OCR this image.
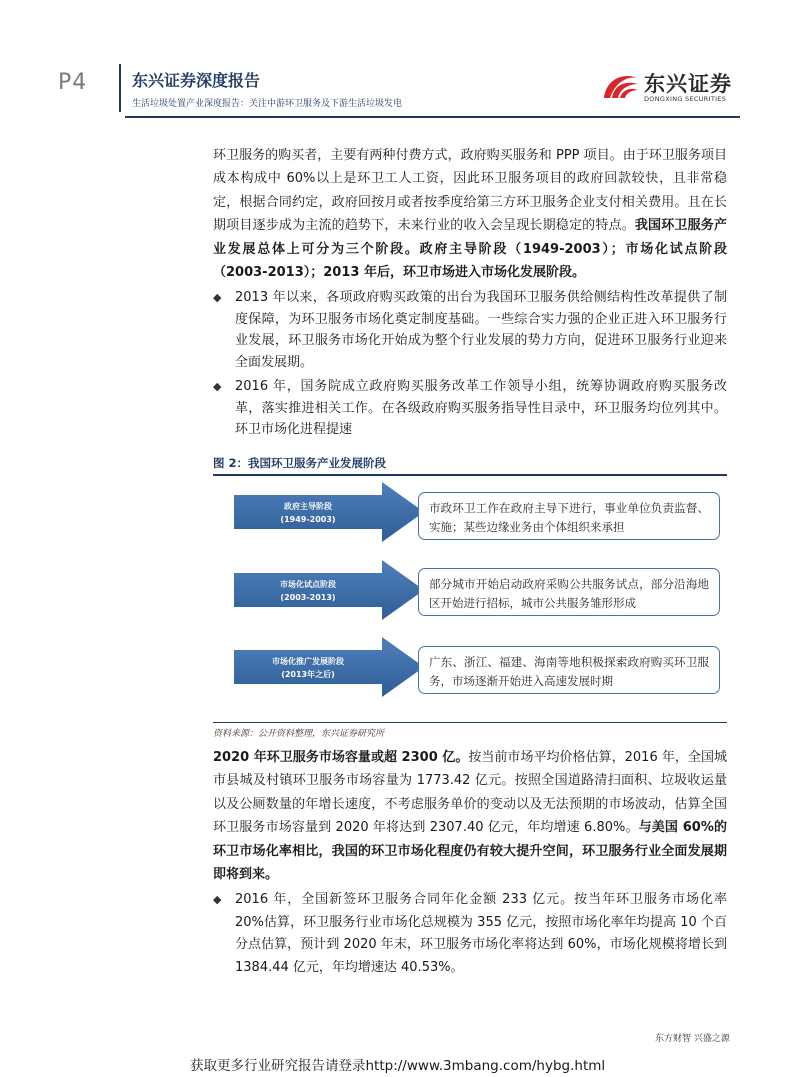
P4	东兴证券深度报告
生活垃圾处置产业深度报告：关注中游环卫服务及下游生活垃圾发电
东兴证券
DONGXING SECURITIES
环卫服务的购买者，主要有两种付费方式，政府购买服务和 PPP 项目。由于环卫服务项目成本构成中 60%以上是环卫工人工资，因此环卫服务项目的政府回款较快，且非常稳定，根据合同约定，政府回按月或者按季度给第三方环卫服务企业支付相关费用。且在长期项目逐步成为主流的趋势下，未来行业的收入会呈现长期稳定的特点。我国环卫服务产业发展总体上可分为三个阶段。政府主导阶段（1949-2003）；市场化试点阶段（2003-2013）；2013 年后，环卫市场进入市场化发展阶段。
◆ 2013 年以来，各项政府购买政策的出台为我国环卫服务供给侧结构性改革提供了制度保障，为环卫服务市场化奠定制度基础。一些综合实力强的企业正进入环卫服务行业发展，环卫服务市场化开始成为整个行业发展的势力方向，促进环卫服务行业迎来全面发展期。
◆ 2016 年，国务院成立政府购买服务改革工作领导小组，统筹协调政府购买服务改革，落实推进相关工作。在各级政府购买服务指导性目录中，环卫服务均位列其中。环卫市场化进程提速
图 2：我国环卫服务产业发展阶段
政府主导阶段
(1949-2003)
市场化试点阶段
(2003-2013)
市场化推广发展阶段
(2013年之后)
市政环卫工作在政府主导下进行，事业单位负责监督、实施；某些边缘业务由个体组织来承担
部分城市开始启动政府采购公共服务试点，部分沿海地区开始进行招标，城市公共服务雏形形成
广东、浙江、福建、海南等地积极探索政府购买环卫服务，市场逐渐开始进入高速发展时期
资料来源：公开资料整理，东兴证券研究所
2020 年环卫服务市场容量或超 2300 亿。按当前市场平均价格估算，2016 年，全国城市县城及村镇环卫服务市场容量为 1773.42 亿元。按照全国道路清扫面积、垃圾收运量以及公厕数量的年增长速度，不考虑服务单价的变动以及无法预期的市场波动，估算全国环卫服务市场容量到 2020 年将达到 2307.40 亿元，年均增速 6.80%。与美国 60%的环卫市场化率相比，我国的环卫市场化程度仍有较大提升空间，环卫服务行业全面发展期即将到来。
◆ 2016 年，全国新签环卫服务合同年化金额 233 亿元。按当年环卫服务市场化率 20%估算，环卫服务行业市场化总规模为 355 亿元，按照市场化率年均提高 10 个百分点估算，预计到 2020 年末，环卫服务市场化率将达到 60%，市场化规模将增长到 1384.44 亿元，年均增速达 40.53%。
东方财智 兴盛之源
获取更多行业研究报告请登录http://www.3mbang.com/hybg.html
